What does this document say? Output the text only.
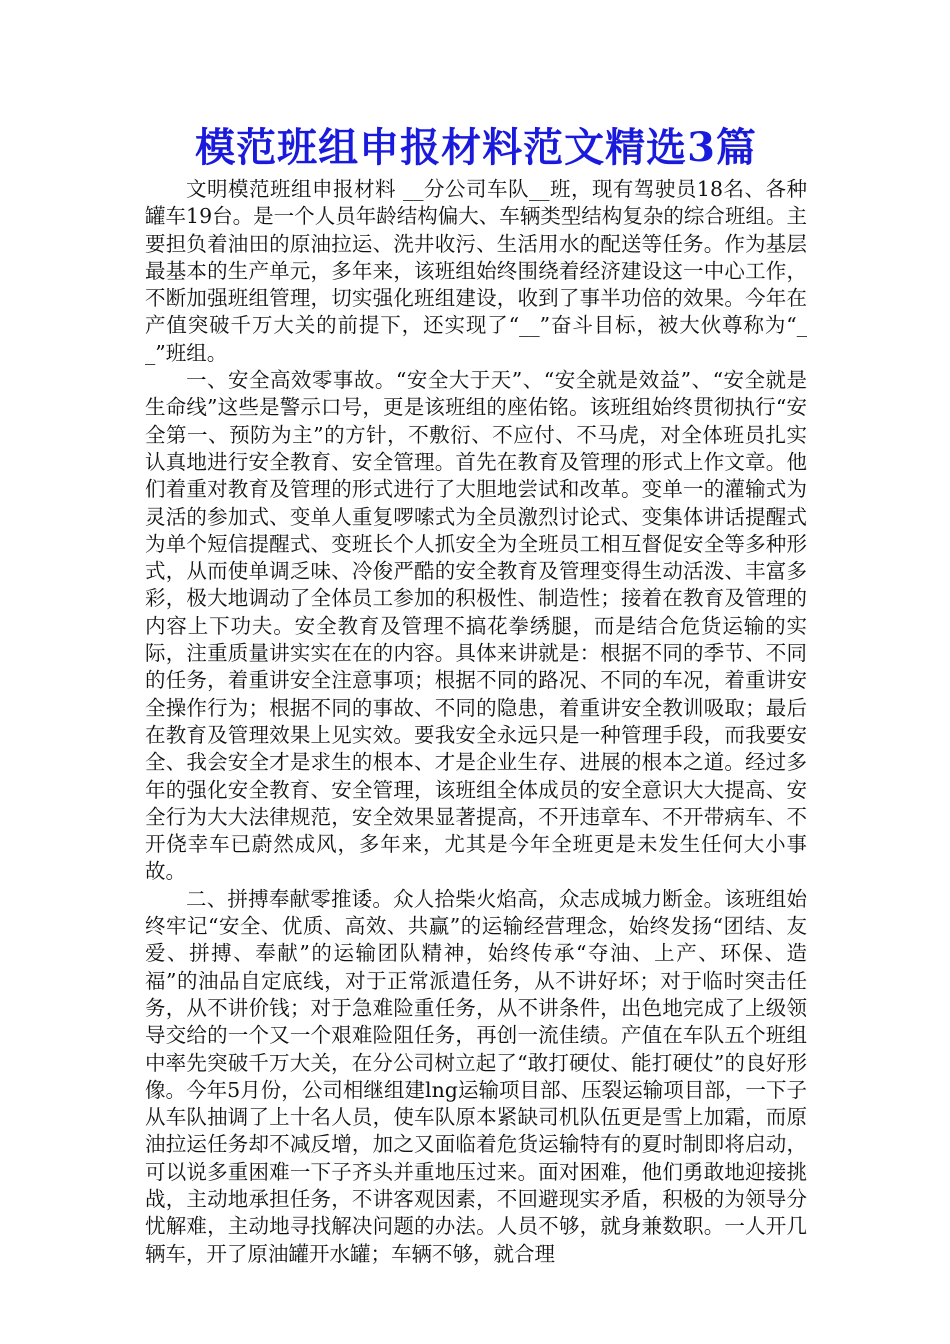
模范班组申报材料范文精选3篇

文明模范班组申报材料 __分公司车队__班，现有驾驶员18名、各种罐车19台。是一个人员年龄结构偏大、车辆类型结构复杂的综合班组。主要担负着油田的原油拉运、洗井收污、生活用水的配送等任务。作为基层最基本的生产单元，多年来，该班组始终围绕着经济建设这一中心工作，不断加强班组管理，切实强化班组建设，收到了事半功倍的效果。今年在产值突破千万大关的前提下，还实现了“__”奋斗目标，被大伙尊称为“__”班组。

一、安全高效零事故。“安全大于天”、“安全就是效益”、“安全就是生命线”这些是警示口号，更是该班组的座佑铭。该班组始终贯彻执行“安全第一、预防为主”的方针，不敷衍、不应付、不马虎，对全体班员扎实认真地进行安全教育、安全管理。首先在教育及管理的形式上作文章。他们着重对教育及管理的形式进行了大胆地尝试和改革。变单一的灌输式为灵活的参加式、变单人重复啰嗦式为全员激烈讨论式、变集体讲话提醒式为单个短信提醒式、变班长个人抓安全为全班员工相互督促安全等多种形式，从而使单调乏味、冷俊严酷的安全教育及管理变得生动活泼、丰富多彩，极大地调动了全体员工参加的积极性、制造性；接着在教育及管理的内容上下功夫。安全教育及管理不搞花拳绣腿，而是结合危货运输的实际，注重质量讲实实在在的内容。具体来讲就是：根据不同的季节、不同的任务，着重讲安全注意事项；根据不同的路况、不同的车况，着重讲安全操作行为；根据不同的事故、不同的隐患，着重讲安全教训吸取；最后在教育及管理效果上见实效。要我安全永远只是一种管理手段，而我要安全、我会安全才是求生的根本、才是企业生存、进展的根本之道。经过多年的强化安全教育、安全管理，该班组全体成员的安全意识大大提高、安全行为大大法律规范，安全效果显著提高，不开违章车、不开带病车、不开侥幸车已蔚然成风，多年来，尤其是今年全班更是未发生任何大小事故。

二、拼搏奉献零推诿。众人拾柴火焰高，众志成城力断金。该班组始终牢记“安全、优质、高效、共赢”的运输经营理念，始终发扬“团结、友爱、拼搏、奉献”的运输团队精神，始终传承“夺油、上产、环保、造福”的油品自定底线，对于正常派遣任务，从不讲好坏；对于临时突击任务，从不讲价钱；对于急难险重任务，从不讲条件，出色地完成了上级领导交给的一个又一个艰难险阻任务，再创一流佳绩。产值在车队五个班组中率先突破千万大关，在分公司树立起了“敢打硬仗、能打硬仗”的良好形像。今年5月份，公司相继组建lng运输项目部、压裂运输项目部，一下子从车队抽调了上十名人员，使车队原本紧缺司机队伍更是雪上加霜，而原油拉运任务却不减反增，加之又面临着危货运输特有的夏时制即将启动，可以说多重困难一下子齐头并重地压过来。面对困难，他们勇敢地迎接挑战，主动地承担任务，不讲客观因素，不回避现实矛盾，积极的为领导分忧解难，主动地寻找解决问题的办法。人员不够，就身兼数职。一人开几辆车，开了原油罐开水罐；车辆不够，就合理
